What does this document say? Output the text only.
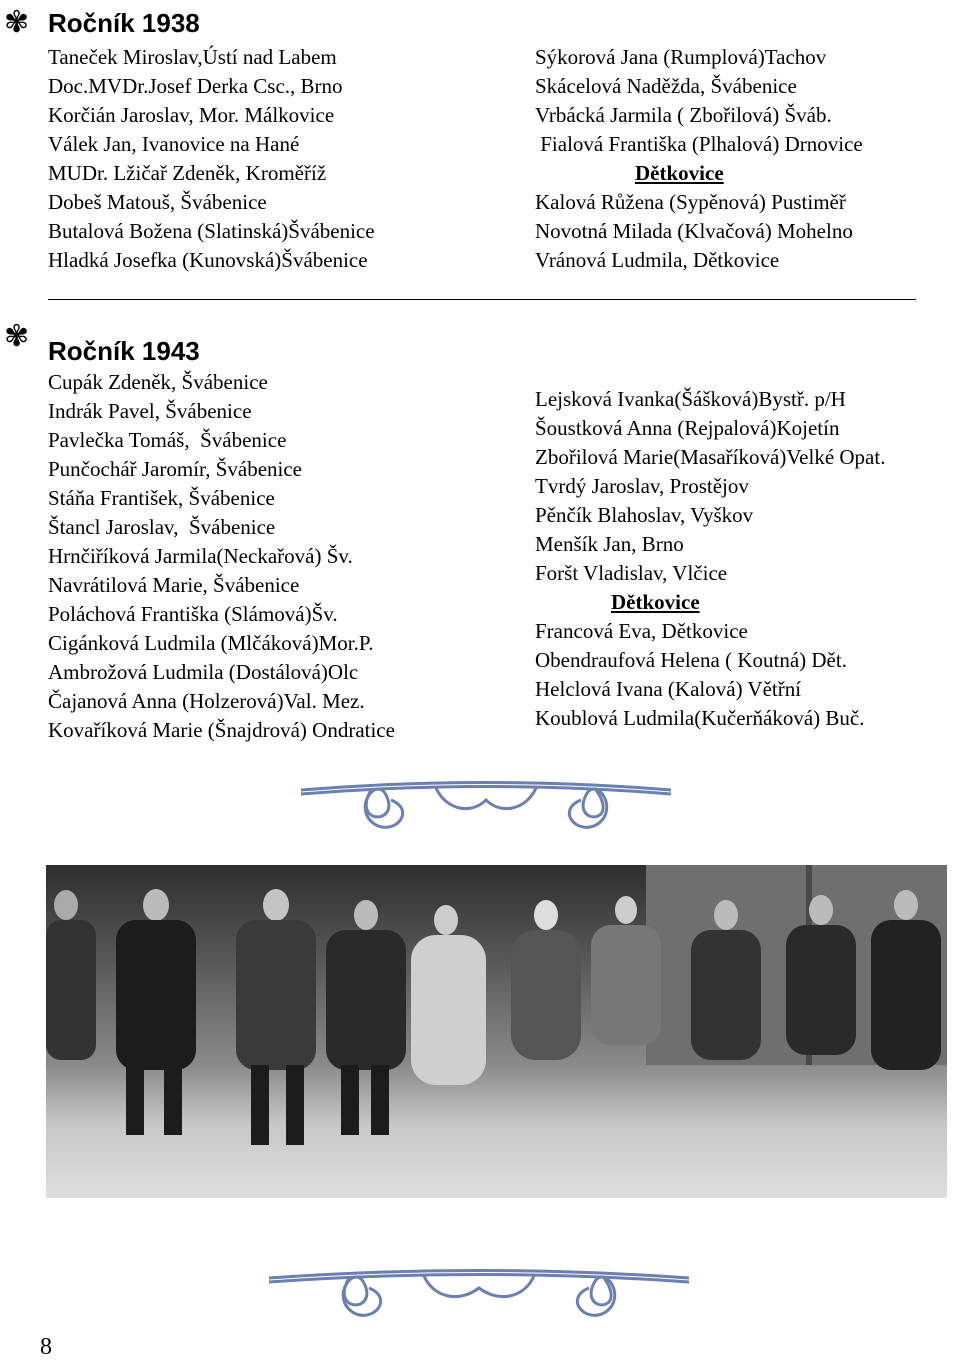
✾ Ročník 1938
Taneček Miroslav,Ústí nad Labem
Doc.MVDr.Josef Derka Csc., Brno
Korčián Jaroslav, Mor. Málkovice
Válek Jan, Ivanovice na Hané
MUDr. Lžičař Zdeněk, Kroměříž
Dobeš Matouš, Švábenice
Butalová Božena (Slatinská)Švábenice
Hladká Josefka (Kunovská)Švábenice
Sýkorová Jana (Rumplová)Tachov
Skácelová Naděžda, Švábenice
Vrbácká Jarmila ( Zbořilová) Šváb.
Fialová Františka (Plhalová) Drnovice
Dětkovice
Kalová Růžena (Sypěnová) Pustiměř
Novotná Milada (Klvačová) Mohelno
Vránová Ludmila, Dětkovice
✾ Ročník 1943
Cupák Zdeněk, Švábenice
Indrák Pavel, Švábenice
Pavlečka Tomáš,  Švábenice
Punčochář Jaromír, Švábenice
Stáňa František, Švábenice
Štancl Jaroslav,  Švábenice
Hrnčiříková Jarmila(Neckařová) Šv.
Navrátilová Marie, Švábenice
Poláchová Františka (Slámová)Šv.
Cigánková Ludmila (Mlčáková)Mor.P.
Ambrožová Ludmila (Dostálová)Olc
Čajanová Anna (Holzerová)Val. Mez.
Kovaříková Marie (Šnajdrová) Ondratice
Lejsková Ivanka(Šášková)Bystř. p/H
Šoustková Anna (Rejpalová)Kojetín
Zbořilová Marie(Masaříková)Velké Opat.
Tvrdý Jaroslav, Prostějov
Pěnčík Blahoslav, Vyškov
Menšík Jan, Brno
Foršt Vladislav, Vlčice
Dětkovice
Francová Eva, Dětkovice
Obendraufová Helena ( Koutná) Dět.
Helclová Ivana (Kalová) Větřní
Koublová Ludmila(Kučerňáková) Buč.
8
